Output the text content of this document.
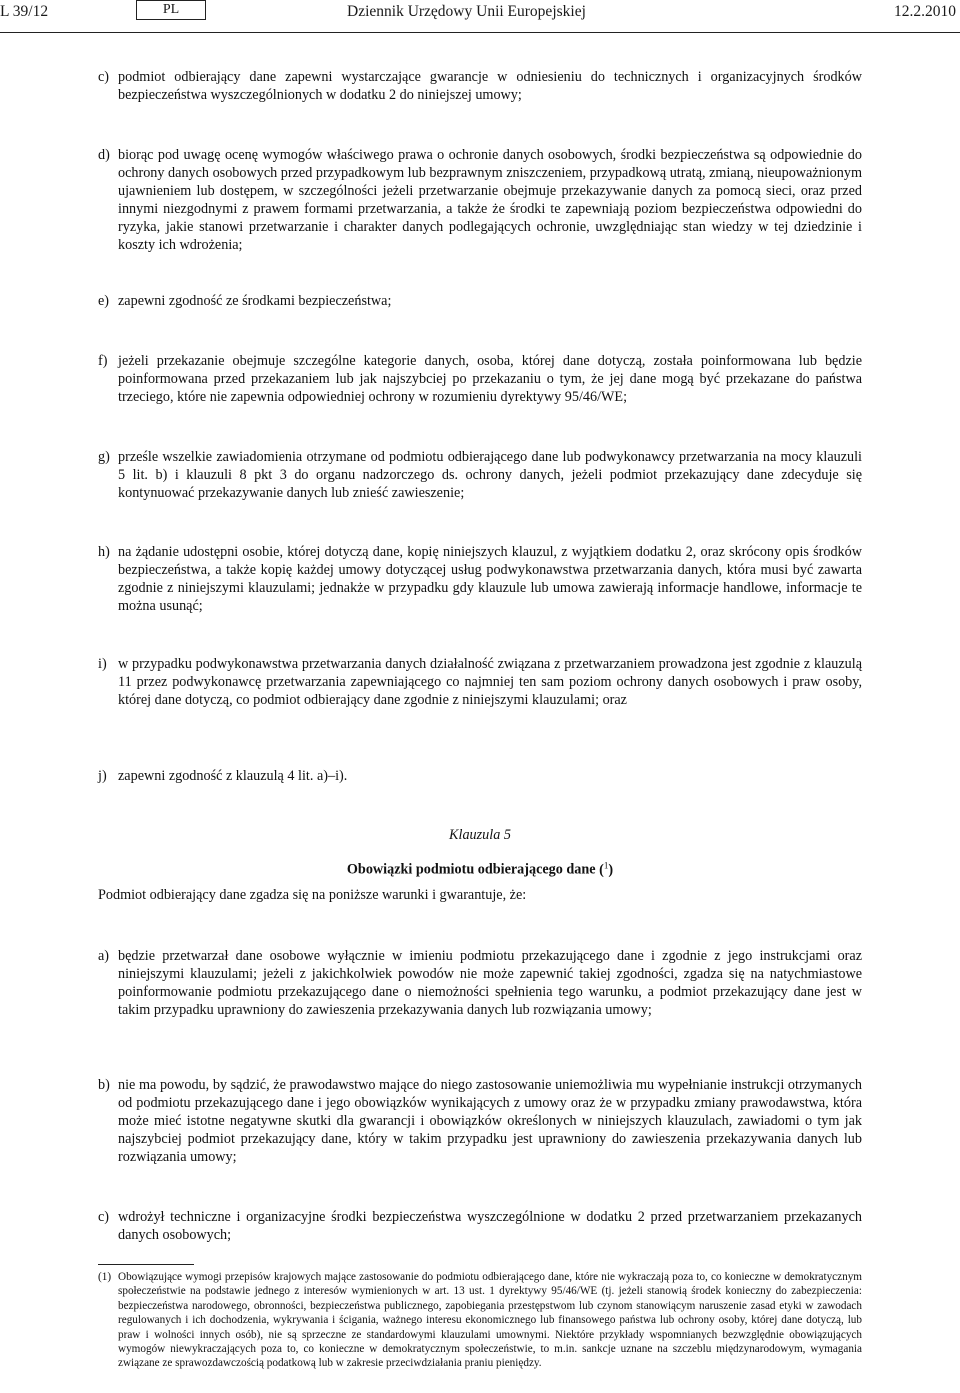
L 39/12	PL	Dziennik Urzędowy Unii Europejskiej	12.2.2010
c) podmiot odbierający dane zapewni wystarczające gwarancje w odniesieniu do technicznych i organizacyjnych środków bezpieczeństwa wyszczególnionych w dodatku 2 do niniejszej umowy;
d) biorąc pod uwagę ocenę wymogów właściwego prawa o ochronie danych osobowych, środki bezpieczeństwa są odpowiednie do ochrony danych osobowych przed przypadkowym lub bezprawnym zniszczeniem, przypadkową utratą, zmianą, nieupoważnionym ujawnieniem lub dostępem, w szczególności jeżeli przetwarzanie obejmuje przekazywanie danych za pomocą sieci, oraz przed innymi niezgodnymi z prawem formami przetwarzania, a także że środki te zapewniają poziom bezpieczeństwa odpowiedni do ryzyka, jakie stanowi przetwarzanie i charakter danych podlegających ochronie, uwzględniając stan wiedzy w tej dziedzinie i koszty ich wdrożenia;
e) zapewni zgodność ze środkami bezpieczeństwa;
f) jeżeli przekazanie obejmuje szczególne kategorie danych, osoba, której dane dotyczą, została poinformowana lub będzie poinformowana przed przekazaniem lub jak najszybciej po przekazaniu o tym, że jej dane mogą być przekazane do państwa trzeciego, które nie zapewnia odpowiedniej ochrony w rozumieniu dyrektywy 95/46/WE;
g) prześle wszelkie zawiadomienia otrzymane od podmiotu odbierającego dane lub podwykonawcy przetwarzania na mocy klauzuli 5 lit. b) i klauzuli 8 pkt 3 do organu nadzorczego ds. ochrony danych, jeżeli podmiot przekazujący dane zdecyduje się kontynuować przekazywanie danych lub znieść zawieszenie;
h) na żądanie udostępni osobie, której dotyczą dane, kopię niniejszych klauzul, z wyjątkiem dodatku 2, oraz skrócony opis środków bezpieczeństwa, a także kopię każdej umowy dotyczącej usług podwykonawstwa przetwarzania danych, która musi być zawarta zgodnie z niniejszymi klauzulami; jednakże w przypadku gdy klauzule lub umowa zawierają informacje handlowe, informacje te można usunąć;
i) w przypadku podwykonawstwa przetwarzania danych działalność związana z przetwarzaniem prowadzona jest zgodnie z klauzulą 11 przez podwykonawcę przetwarzania zapewniającego co najmniej ten sam poziom ochrony danych osobowych i praw osoby, której dane dotyczą, co podmiot odbierający dane zgodnie z niniejszymi klauzulami; oraz
j) zapewni zgodność z klauzulą 4 lit. a)–i).
Klauzula 5
Obowiązki podmiotu odbierającego dane ($^1$)
Podmiot odbierający dane zgadza się na poniższe warunki i gwarantuje, że:
a) będzie przetwarzał dane osobowe wyłącznie w imieniu podmiotu przekazującego dane i zgodnie z jego instrukcjami oraz niniejszymi klauzulami; jeżeli z jakichkolwiek powodów nie może zapewnić takiej zgodności, zgadza się na natychmiastowe poinformowanie podmiotu przekazującego dane o niemożności spełnienia tego warunku, a podmiot przekazujący dane jest w takim przypadku uprawniony do zawieszenia przekazywania danych lub rozwiązania umowy;
b) nie ma powodu, by sądzić, że prawodawstwo mające do niego zastosowanie uniemożliwia mu wypełnianie instrukcji otrzymanych od podmiotu przekazującego dane i jego obowiązków wynikających z umowy oraz że w przypadku zmiany prawodawstwa, która może mieć istotne negatywne skutki dla gwarancji i obowiązków określonych w niniejszych klauzulach, zawiadomi o tym jak najszybciej podmiot przekazujący dane, który w takim przypadku jest uprawniony do zawieszenia przekazywania danych lub rozwiązania umowy;
c) wdrożył techniczne i organizacyjne środki bezpieczeństwa wyszczególnione w dodatku 2 przed przetwarzaniem przekazanych danych osobowych;
(1) Obowiązujące wymogi przepisów krajowych mające zastosowanie do podmiotu odbierającego dane, które nie wykraczają poza to, co konieczne w demokratycznym społeczeństwie na podstawie jednego z interesów wymienionych w art. 13 ust. 1 dyrektywy 95/46/WE (tj. jeżeli stanowią środek konieczny do zabezpieczenia: bezpieczeństwa narodowego, obronności, bezpieczeństwa publicznego, zapobiegania przestępstwom lub czynom stanowiącym naruszenie zasad etyki w zawodach regulowanych i ich dochodzenia, wykrywania i ścigania, ważnego interesu ekonomicznego lub finansowego państwa lub ochrony osoby, której dane dotyczą, lub praw i wolności innych osób), nie są sprzeczne ze standardowymi klauzulami umownymi. Niektóre przykłady wspomnianych bezwzględnie obowiązujących wymogów niewykraczających poza to, co konieczne w demokratycznym społeczeństwie, to m.in. sankcje uznane na szczeblu międzynarodowym, wymagania związane ze sprawozdawczością podatkową lub w zakresie przeciwdziałania praniu pieniędzy.
